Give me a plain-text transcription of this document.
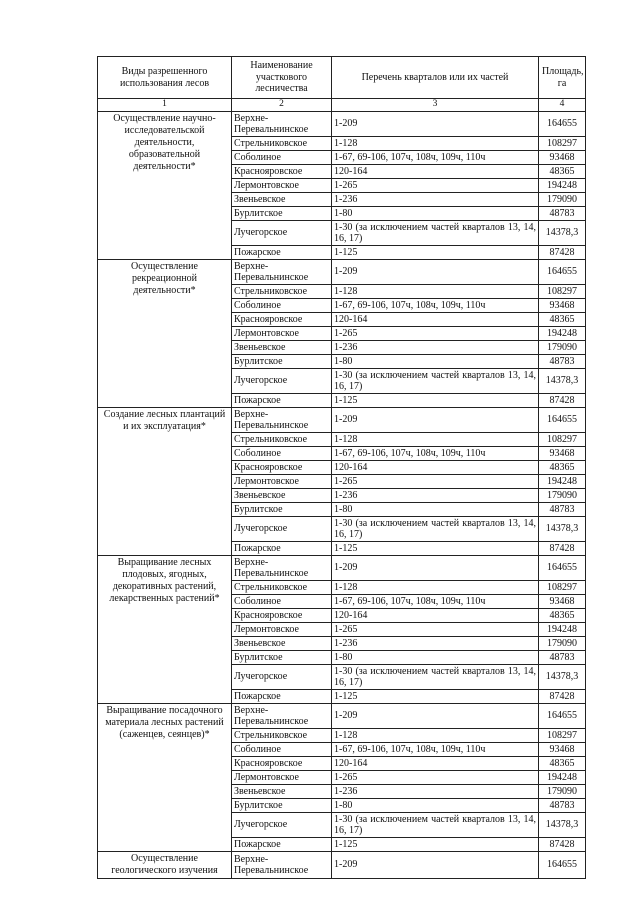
Виды разрешенного использования лесов	Наименование участкового лесничества	Перечень кварталов или их частей	Площадь, га
1	2	3	4
Осуществление научно-исследовательской деятельности, образовательной деятельности*	Верхне-Перевальнинское	1-209	164655
	Стрельниковское	1-128	108297
	Соболиное	1-67, 69-106, 107ч, 108ч, 109ч, 110ч	93468
	Краснояровское	120-164	48365
	Лермонтовское	1-265	194248
	Звеньевское	1-236	179090
	Бурлитское	1-80	48783
	Лучегорское	1-30 (за исключением частей кварталов 13, 14, 16, 17)	14378,3
	Пожарское	1-125	87428
Осуществление рекреационной деятельности*	Верхне-Перевальнинское	1-209	164655
	Стрельниковское	1-128	108297
	Соболиное	1-67, 69-106, 107ч, 108ч, 109ч, 110ч	93468
	Краснояровское	120-164	48365
	Лермонтовское	1-265	194248
	Звеньевское	1-236	179090
	Бурлитское	1-80	48783
	Лучегорское	1-30 (за исключением частей кварталов 13, 14, 16, 17)	14378,3
	Пожарское	1-125	87428
Создание лесных плантаций и их эксплуатация*	Верхне-Перевальнинское	1-209	164655
	Стрельниковское	1-128	108297
	Соболиное	1-67, 69-106, 107ч, 108ч, 109ч, 110ч	93468
	Краснояровское	120-164	48365
	Лермонтовское	1-265	194248
	Звеньевское	1-236	179090
	Бурлитское	1-80	48783
	Лучегорское	1-30 (за исключением частей кварталов 13, 14, 16, 17)	14378,3
	Пожарское	1-125	87428
Выращивание лесных плодовых, ягодных, декоративных растений, лекарственных растений*	Верхне-Перевальнинское	1-209	164655
	Стрельниковское	1-128	108297
	Соболиное	1-67, 69-106, 107ч, 108ч, 109ч, 110ч	93468
	Краснояровское	120-164	48365
	Лермонтовское	1-265	194248
	Звеньевское	1-236	179090
	Бурлитское	1-80	48783
	Лучегорское	1-30 (за исключением частей кварталов 13, 14, 16, 17)	14378,3
	Пожарское	1-125	87428
Выращивание посадочного материала лесных растений (саженцев, сеянцев)*	Верхне-Перевальнинское	1-209	164655
	Стрельниковское	1-128	108297
	Соболиное	1-67, 69-106, 107ч, 108ч, 109ч, 110ч	93468
	Краснояровское	120-164	48365
	Лермонтовское	1-265	194248
	Звеньевское	1-236	179090
	Бурлитское	1-80	48783
	Лучегорское	1-30 (за исключением частей кварталов 13, 14, 16, 17)	14378,3
	Пожарское	1-125	87428
Осуществление геологического изучения	Верхне-Перевальнинское	1-209	164655
